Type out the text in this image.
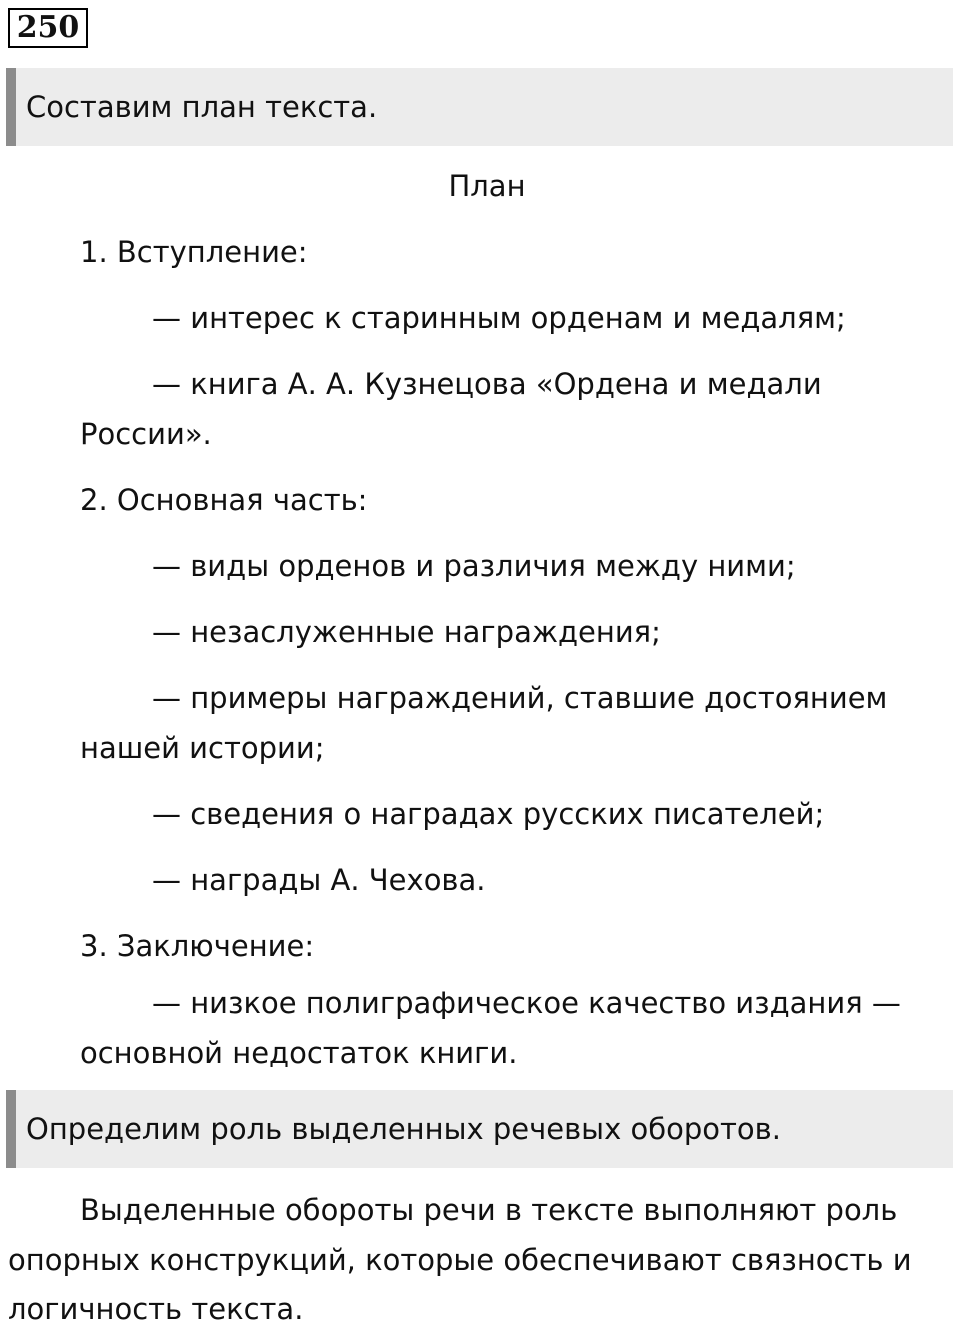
250
Составим план текста.
План
1. Вступление:
— интерес к старинным орденам и медалям;
— книга А. А. Кузнецова «Ордена и медали
России».
2. Основная часть:
— виды орденов и различия между ними;
— незаслуженные награждения;
— примеры награждений, ставшие достоянием
нашей истории;
— сведения о наградах русских писателей;
— награды А. Чехова.
3. Заключение:
— низкое полиграфическое качество издания —
основной недостаток книги.
Определим роль выделенных речевых оборотов.
Выделенные обороты речи в тексте выполняют роль
опорных конструкций, которые обеспечивают связность и
логичность текста.
